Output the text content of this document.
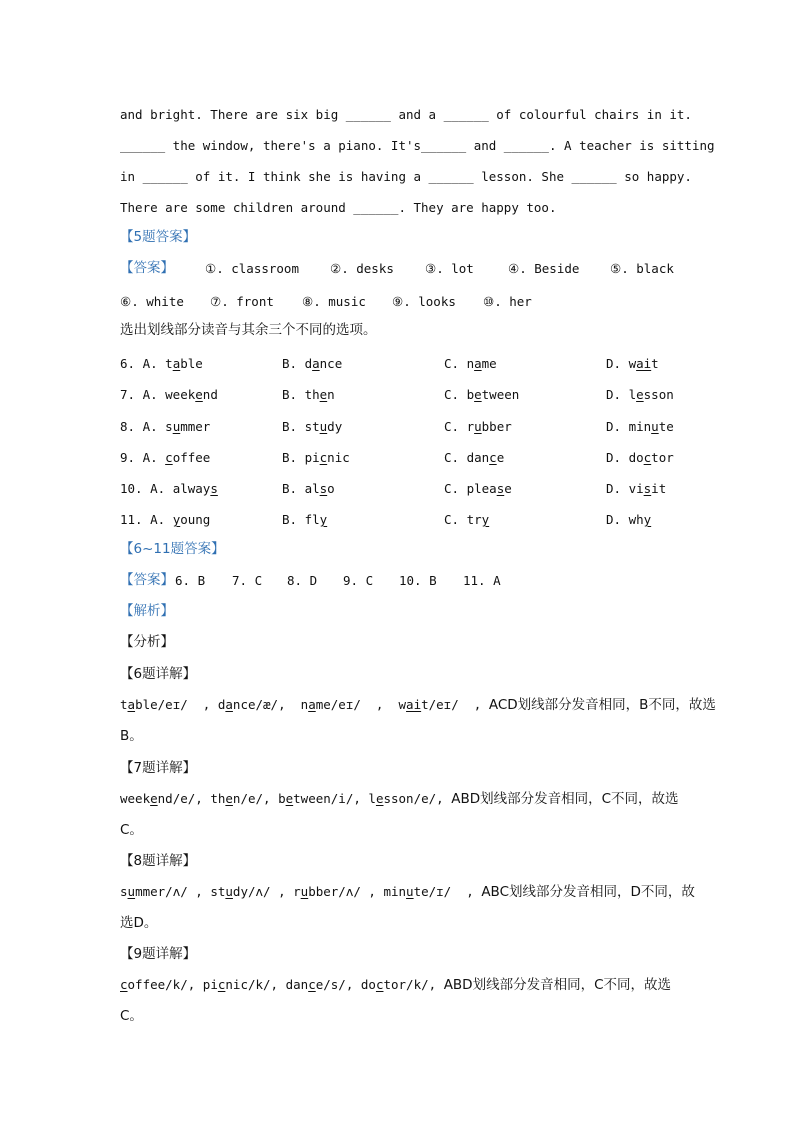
and bright. There are six big ______ and a ______ of colourful chairs in it.
______ the window, there's a piano. It's______ and ______. A teacher is sitting
in ______ of it. I think she is having a ______ lesson. She ______ so happy.
There are some children around ______. They are happy too.
【5题答案】
【答案】 ①. classroom ②. desks ③. lot	④. Beside ⑤. black
⑥. white ⑦. front ⑧. music ⑨. looks ⑩. her
选出划线部分读音与其余三个不同的选项。
6. A. table	B. dance	C. name	D. wait
7. A. weekend	B. then	C. between	D. lesson
8. A. summer	B. study	C. rubber	D. minute
9. A. coffee	B. picnic	C. dance	D. doctor
10. A. always	B. also	C. please	D. visit
11. A. young	B. fly	C. try	D. why
【6~11题答案】
【答案】 6. B 7. C 8. D 9. C 10. B 11. A
【解析】
【分析】
【6题详解】
table/eɪ/  , dance/æ/,  name/eɪ/  ,  wait/eɪ/  , ACD划线部分发音相同，B不同，故选
B。
【7题详解】
weekend/e/, then/e/, between/i/, lesson/e/, ABD划线部分发音相同，C不同，故选
C。
【8题详解】
summer/ʌ/ , study/ʌ/ , rubber/ʌ/ , minute/ɪ/  , ABC划线部分发音相同，D不同，故
选D。
【9题详解】
coffee/k/, picnic/k/, dance/s/, doctor/k/, ABD划线部分发音相同，C不同，故选
C。
